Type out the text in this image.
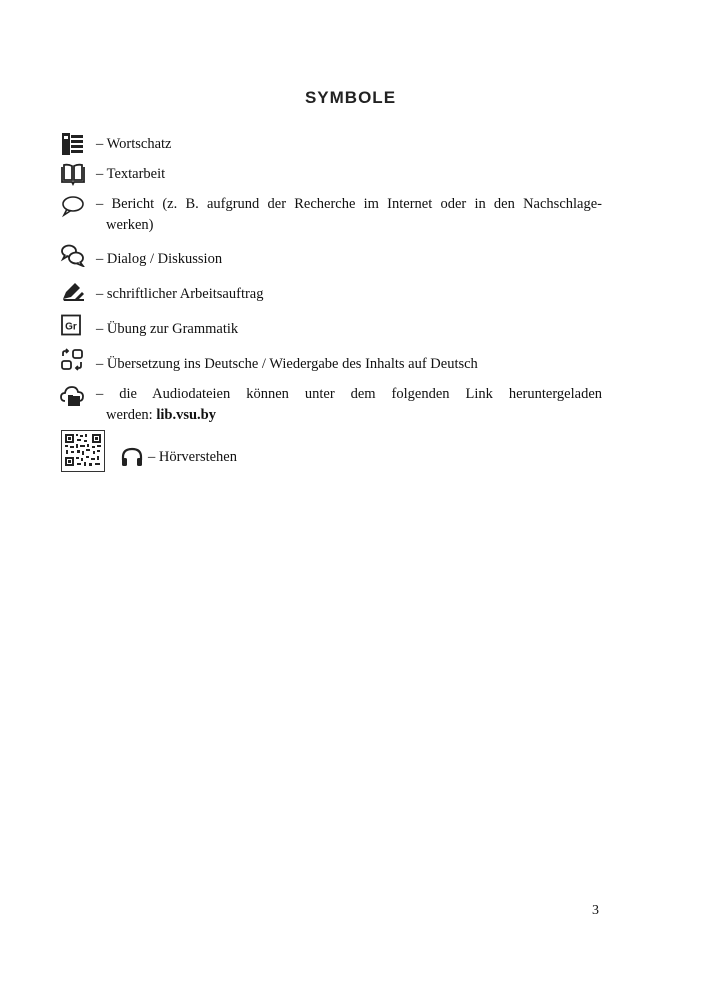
SYMBOLE
– Wortschatz
– Textarbeit
– Bericht (z. B. aufgrund der Recherche im Internet oder in den Nachschlage-
werken)
– Dialog / Diskussion
– schriftlicher Arbeitsauftrag
Gr – Übung zur Grammatik
– Übersetzung ins Deutsche / Wiedergabe des Inhalts auf Deutsch
– die Audiodateien können unter dem folgenden Link heruntergeladen
werden: lib.vsu.by
– Hörverstehen
3
